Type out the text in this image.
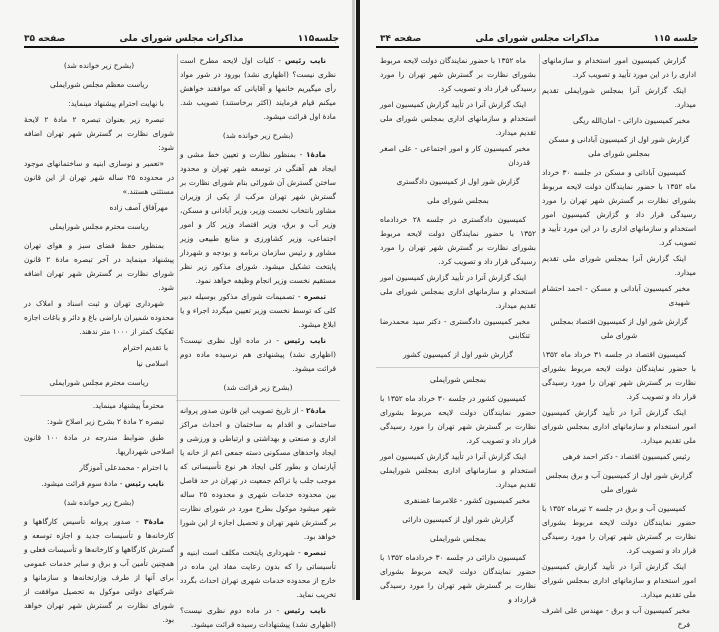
جلسه۱۱۵
مذاکرات مجلس شورای ملی
صفحه ۳۵

نایب رئیس - کلیات اول لایحه مطرح است نظری نیست؟ (اظهاری نشد) بورود در شور مواد رأی میگیریم خانمها و آقایانی که موافقند خواهش میکنم قیام فرمایند (اکثر برخاستند) تصویب شد. مادهٔ اول قرائت میشود.

(بشرح زیر خوانده شد)

مادهٔ۱ - بمنظور نظارت و تعیین خط مشی و ایجاد هم آهنگی در توسعه شهر تهران و محدود ساختن گسترش آن شورائی بنام شورای نظارت بر گسترش شهر تهران مرکب از یکی از وزیران مشاور بانتخاب نخست وزیر، وزیر آبادانی و مسکن، وزیر آب و برق، وزیر اقتصاد وزیر کار و امور اجتماعی، وزیر کشاورزی و منابع طبیعی وزیر مشاور و رئیس سازمان برنامه و بودجه و شهردار پایتخت تشکیل میشود. شورای مذکور زیر نظر مستقیم نخست وزیر انجام وظیفه خواهد نمود.

تبصره - تصمیمات شورای مذکور بوسیله دبیر کلی که توسط نخست وزیر تعیین میگردد اجراء و یا ابلاغ میشود.

نایب رئیس - در ماده اول نظری نیست؟ (اظهاری نشد) پیشنهادی هم نرسیده ماده دوم قرائت میشود.

(بشرح زیر قرائت شد)

مادهٔ۲ - از تاریخ تصویب این قانون صدور پروانه ساختمانی و اقدام به ساختمان و احداث مراکز اداری و صنعتی و بهداشتی و ارتباطی و ورزشی و ایجاد واحدهای مسکونی دسته جمعی اعم از خانه یا آپارتمان و بطور کلی ایجاد هر نوع تأسیساتی که موجب جلب یا تراکم جمعیت در تهران در حد فاصل بین محدوده خدمات شهری و محدوده ۲۵ ساله شهر میشود موکول بطرح مورد در شورای نظارت بر گسترش شهر تهران و تحصیل اجازه از این شورا خواهد بود.

تبصره - شهرداری پایتخت مکلف است ابنیه و تأسیساتی را که بدون رعایت مفاد این ماده در خارج از محدوده خدمات شهری تهران احداث بگردد تخریب نماید.

نایب رئیس - در ماده دوم نظری نیست؟ (اظهاری نشد) پیشنهادات رسیده قرائت میشود.

(بشرح زیر خوانده شد)

ریاست معظم مجلس شورایملی

با نهایت احترام پیشنهاد مینماید:

تبصره زیر بعنوان تبصره ۲ مادهٔ ۲ لایحهٔ شورای نظارت بر گسترش شهر تهران اضافه شود:

«تعمیر و نوسازی ابنیه و ساختمانهای موجود در محدوده ۲۵ ساله شهر تهران از این قانون مستثنی هستند.»

مهرآفاق آصف زاده

ریاست محترم مجلس شورایملی

بمنظور حفظ فضای سبز و هوای تهران پیشنهاد مینماید در آخر تبصره مادهٔ ۲ قانون شورای نظارت بر گسترش شهر تهران اضافه شود.

شهرداری تهران و ثبت اسناد و املاک در محدوده شمیران باراضی باغ و دائر و باغات اجازه تفکیک کمتر از ۱۰۰۰ متر ندهند.

با تقدیم احترام

اسلامی نیا

ریاست محترم مجلس شورایملی

محترماً پیشنهاد مینماید.

تبصره ۲ مادهٔ ۲ بشرح زیر اصلاح شود:

طبق ضوابط مندرجه در مادهٔ ۱۰۰ قانون اصلاحی شهرداریها.

با احترام - محمدعلی آموزگار

نایب رئیس - مادهٔ سوم قرائت میشود.

(بشرح زیر خوانده شد)

مادهٔ۳ - صدور پروانه تأسیس کارگاهها و کارخانه‌ها و تأسیسات جدید و اجازه توسعه و گسترش کارگاهها و کارخانه‌ها و تأسیسات فعلی و همچنین تأمین آب و برق و سایر خدمات عمومی برای آنها از طرف وزارتخانه‌ها و سازمانها و شرکتهای دولتی موکول به تحصیل موافقت از شورای نظارت بر گسترش شهر تهران خواهد بود.

جلسه ۱۱۵
مذاکرات مجلس شورای ملی
صفحه ۳۴

گزارش کمیسیون امور استخدام و سازمانهای اداری را در این مورد تأیید و تصویب کرد.

اینک گزارش آنرا بمجلس شورایملی تقدیم میدارد.

مخبر کمیسیون دارائی - امان‌الله ریگی

گزارش شور اول از کمیسیون آبادانی و مسکن بمجلس شورای ملی

کمیسیون آبادانی و مسکن در جلسه ۳۰ خرداد ماه ۱۳۵۲ با حضور نمایندگان دولت لایحه مربوط بشورای نظارت بر گسترش شهر تهران را مورد رسیدگی قرار داد و گزارش کمیسیون امور استخدام و سازمانهای اداری را در این مورد تأیید و تصویب کرد.

اینک گزارش آنرا بمجلس شورای ملی تقدیم میدارد.

مخبر کمیسیون آبادانی و مسکن - احمد احتشام شهیدی

گزارش شور اول از کمیسیون اقتصاد بمجلس شورای ملی

کمیسیون اقتصاد در جلسه ۳۱ خرداد ماه ۱۳۵۲ با حضور نمایندگان دولت لایحه مربوط بشورای نظارت بر گسترش شهر تهران را مورد رسیدگی قرار داد و تصویب کرد.

اینک گزارش آنرا در تأیید گزارش کمیسیون امور استخدام و سازمانهای اداری بمجلس شورای ملی تقدیم میدارد.

رئیس کمیسیون اقتصاد - دکتر احمد فرهی

گزارش شور اول از کمیسیون آب و برق بمجلس شورای ملی

کمیسیون آب و برق در جلسه ۲ تیرماه ۱۳۵۲ با حضور نمایندگان دولت لایحه مربوط بشورای نظارت بر گسترش شهر تهران را مورد رسیدگی قرار داد و تصویب کرد.

اینک گزارش آنرا در تأیید گزارش کمیسیون امور استخدام و سازمانهای اداری بمجلس شورای ملی تقدیم میدارد.

مخبر کمیسیون آب و برق - مهندس علی اشرف فرخ

ماه ۱۳۵۲ با حضور نمایندگان دولت لایحه مربوط بشورای نظارت بر گسترش شهر تهران را مورد رسیدگی قرار داد و تصویب کرد.

اینک گزارش آنرا در تأیید گزارش کمیسیون امور استخدام و سازمانهای اداری بمجلس شورای ملی تقدیم میدارد.

مخبر کمیسیون کار و امور اجتماعی - علی اصغر قدردان

گزارش شور اول از کمیسیون دادگستری

بمجلس شورای ملی

کمیسیون دادگستری در جلسه ۲۸ خردادماه ۱۳۵۲ با حضور نمایندگان دولت لایحه مربوط بشورای نظارت بر گسترش شهر تهران را مورد رسیدگی قرار داد و تصویب کرد.

اینک گزارش آنرا در تأیید گزارش کمیسیون امور استخدام و سازمانهای اداری بمجلس شورای ملی تقدیم میدارد.

مخبر کمیسیون دادگستری - دکتر سید محمدرضا تنکابنی

گزارش شور اول از کمیسیون کشور

بمجلس شورایملی

کمیسیون کشور در جلسه ۳۰ خرداد ماه ۱۳۵۲ با حضور نمایندگان دولت لایحه مربوط بشورای نظارت بر گسترش شهر تهران را مورد رسیدگی قرار داد و تصویب کرد.

اینک گزارش آنرا در تأیید گزارش کمیسیون امور استخدام و سازمانهای اداری بمجلس شورایملی تقدیم میدارد.

مخبر کمیسیون کشور - غلامرضا غضنفری

گزارش شور اول از کمیسیون دارائی

بمجلس شورایملی

کمیسیون دارائی در جلسه ۳۰ خردادماه ۱۳۵۲ با حضور نمایندگان دولت لایحه مربوط بشورای نظارت بر گسترش شهر تهران را مورد رسیدگی قرارداد و
